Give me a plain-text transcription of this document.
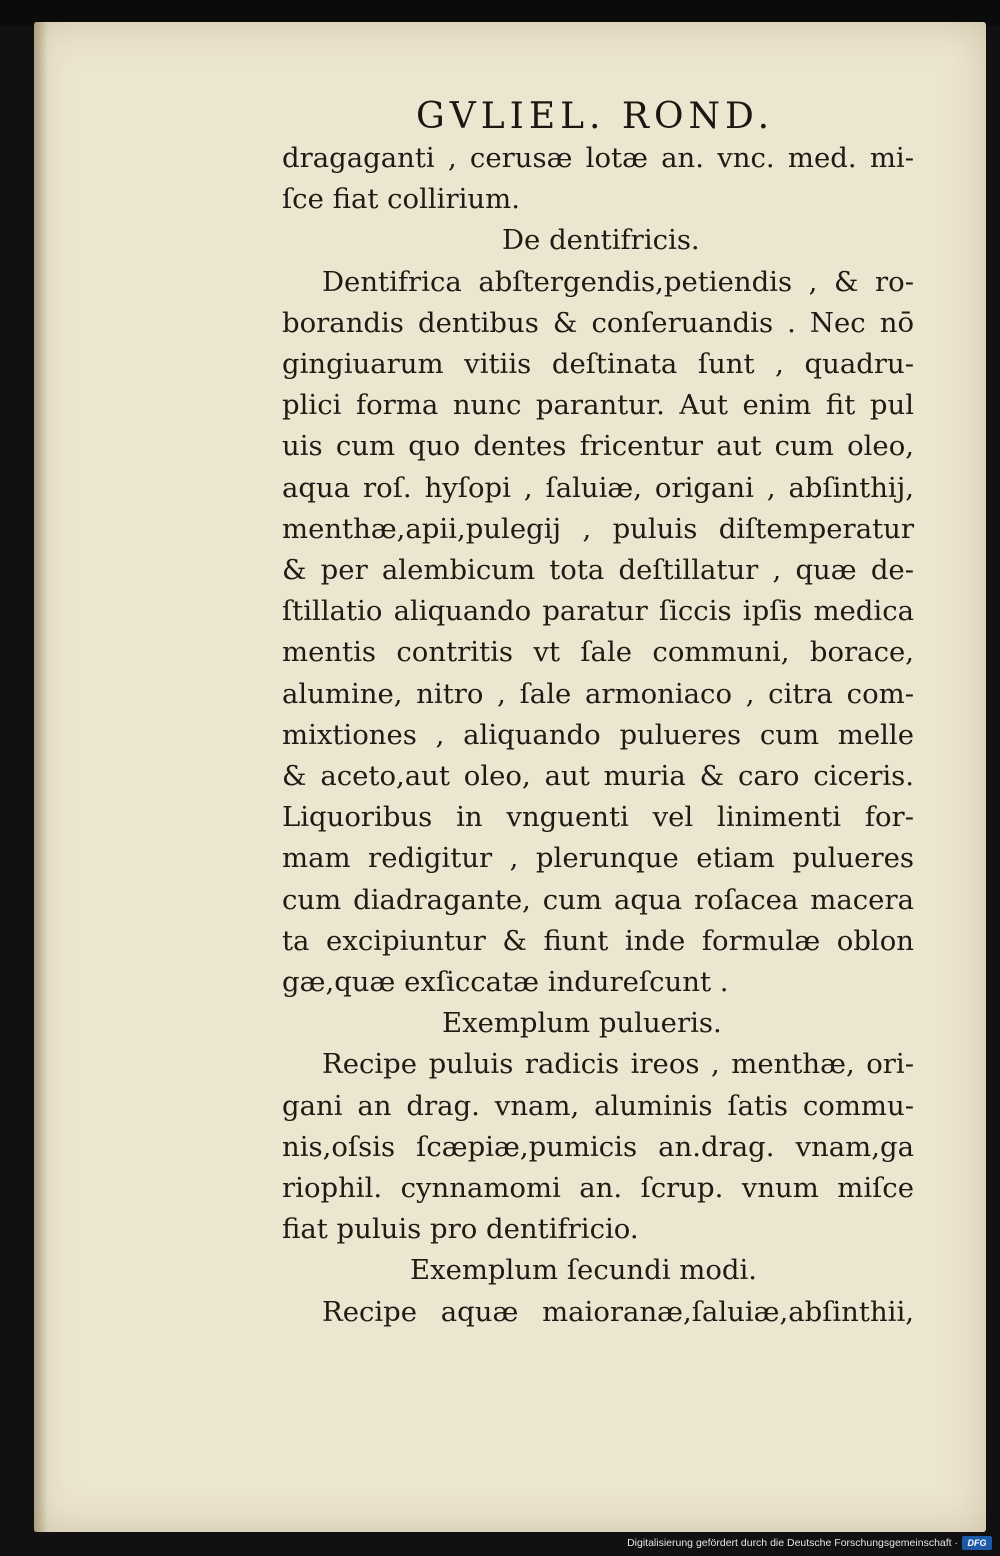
GVLIEL. ROND.
dragaganti , cerusæ lotæ an. vnc. med. mi-
ſce fiat collirium.
De dentifricis.
Dentifrica abſtergendis,petiendis , & ro-
borandis dentibus & conſeruandis . Nec nō
gingiuarum vitiis deſtinata ſunt , quadru-
plici forma nunc parantur. Aut enim fit pul
uis cum quo dentes fricentur aut cum oleo,
aqua roſ. hyſopi , ſaluiæ, origani , abſinthij,
menthæ,apii,pulegij , puluis diſtemperatur
& per alembicum tota deſtillatur , quæ de-
ſtillatio aliquando paratur ſiccis ipſis medica
mentis contritis vt ſale communi, borace,
alumine, nitro , ſale armoniaco , citra com-
mixtiones , aliquando pulueres cum melle
& aceto,aut oleo, aut muria & caro ciceris.
Liquoribus in vnguenti vel linimenti for-
mam redigitur , plerunque etiam pulueres
cum diadragante, cum aqua roſacea macera
ta excipiuntur & fiunt inde formulæ oblon
gæ,quæ exſiccatæ indureſcunt .
Exemplum pulueris.
Recipe puluis radicis ireos , menthæ, ori-
gani an drag. vnam, aluminis ſatis commu-
nis,oſsis ſcæpiæ,pumicis an.drag. vnam,ga
riophil. cynnamomi an. ſcrup. vnum miſce
fiat puluis pro dentifricio.
Exemplum ſecundi modi.
Recipe aquæ maioranæ,ſaluiæ,abſinthii,
Digitalisierung gefördert durch die Deutsche Forschungsgemeinschaft ·	DFG
